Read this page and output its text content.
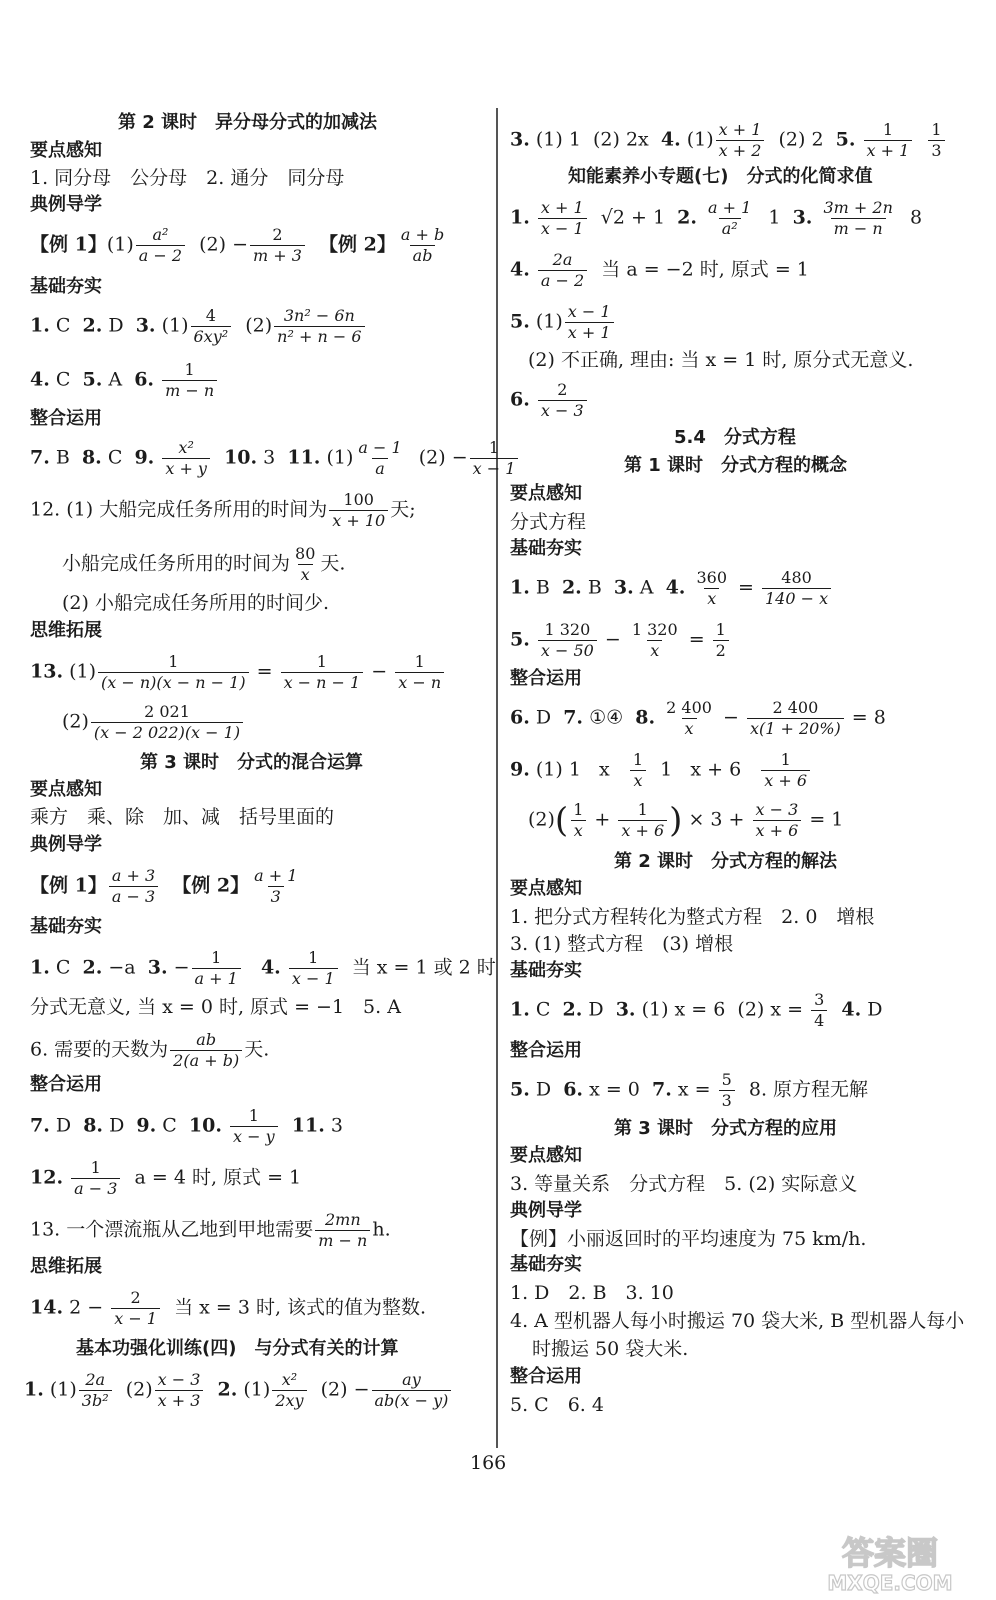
第 2 课时　异分母分式的加减法
要点感知
1. 同分母　公分母　2. 通分　同分母
典例导学
【例 1】$(1) \frac{\text{a²}}{a - 2} (2) - \frac{2}{m + 3}$ 【例 2】 $\frac{a + b}{ab}$
基础夯实
1. C  2. D  3. $(1) \frac{4}{\text{6xy²}} (2) \frac{\text{3n² − 6n}}{\text{n² + n − 6}}$
4. C  5. A  6. $\frac{1}{m - n}$
整合运用
7. B  8. C  9. $\frac{\text{x²}}{x + y} 10$. 3  11. $(1) \frac{a - 1}{a} (2) - \frac{1}{x - 1}$
12. (1) 大船完成任务所用的时间为 $\frac{100}{x + 10}$ 天;
小船完成任务所用的时间为 $\frac{80}{x}$ 天.
(2) 小船完成任务所用的时间少.
思维拓展
13. $(1) \frac{1}{(x - n)(x - n - 1)} = \frac{1}{x - n - 1} - \frac{1}{x - n}$
$(2) \frac{2 021}{(x - 2 022)(x - 1)}$
第 3 课时　分式的混合运算
要点感知
乘方　乘、除　加、减　括号里面的
典例导学
【例 1】 $\frac{a + 3}{a - 3}$ 【例 2】 $\frac{a + 1}{3}$
基础夯实
1. C  2. −a  3. − $\frac{1}{a + 1} 4$. $\frac{1}{x - 1}$ 当 x = 1 或 2 时
分式无意义, 当 x = 0 时, 原式 = −1　5. A
6. 需要的天数为 $\frac{ab}{2(a + b)}$ 天.
整合运用
7. D  8. D  9. C  10. $\frac{1}{x - y} 11$. 3
12. $\frac{1}{a - 3}$ a = 4 时, 原式 = 1
13. 一个漂流瓶从乙地到甲地需要 $\frac{2mn}{m - n} h$.
思维拓展
14. $2 - \frac{2}{x - 1}$ 当 x = 3 时, 该式的值为整数.
基本功强化训练(四)　与分式有关的计算
1. $(1) \frac{2a}{\text{3b²}} (2) \frac{x - 3}{x + 3} 2$. $(1) \frac{\text{x²}}{2xy} (2) - \frac{ay}{ab(x - y)}$
3. (1) 1  (2) 2x  4. $(1) \frac{x + 1}{x + 2} (2)$ 2  5. $\frac{1}{x + 1}$
$\frac{1}{3}$
知能素养小专题(七)　分式的化简求值
1. $\frac{x + 1}{x - 1} √2 + 1$  2. $\frac{a + 1}{\text{a²}} 1$  3. $\frac{3m + 2n}{m - n} 8$
4. $\frac{2a}{a - 2}$ 当 a = −2 时, 原式 = 1
5. $(1) \frac{x - 1}{x + 1}$
(2) 不正确, 理由: 当 x = 1 时, 原分式无意义.
6. $\frac{2}{x - 3}$
5.4　分式方程
第 1 课时　分式方程的概念
要点感知
分式方程
基础夯实
1. B  2. B  3. A  4. $\frac{360}{x} = \frac{480}{140 - x}$
5. $\frac{1 320}{x - 50} - \frac{1 320}{x} = \frac{1}{2}$
整合运用
6. D  7. ①④  8. $\frac{2 400}{x} - \frac{2 400}{x(1 + 20\%)} = 8$
9. (1) 1   x $\frac{1}{x} 1$   $x + 6 \frac{1}{x + 6}$
$(2)( \frac{1}{x} + \frac{1}{x + 6}$ ) × $3 + \frac{x - 3}{x + 6} = 1$
第 2 课时　分式方程的解法
要点感知
1. 把分式方程转化为整式方程　2. 0　增根
3. (1) 整式方程　(3) 增根
基础夯实
1. C  2. D  3. (1) x = 6  (2) $x = \frac{3}{4} 4$. D
整合运用
5. D  6. x = 0  7. $x = \frac{5}{3} 8$. 原方程无解
第 3 课时　分式方程的应用
要点感知
3. 等量关系　分式方程　5. (2) 实际意义
典例导学
【例】小丽返回时的平均速度为 75 km/h.
基础夯实
1. D　2. B　3. 10
4. A 型机器人每小时搬运 70 袋大米, B 型机器人每小
时搬运 50 袋大米.
整合运用
5. C　6. 4
166
答案圈
MXQE.COM
